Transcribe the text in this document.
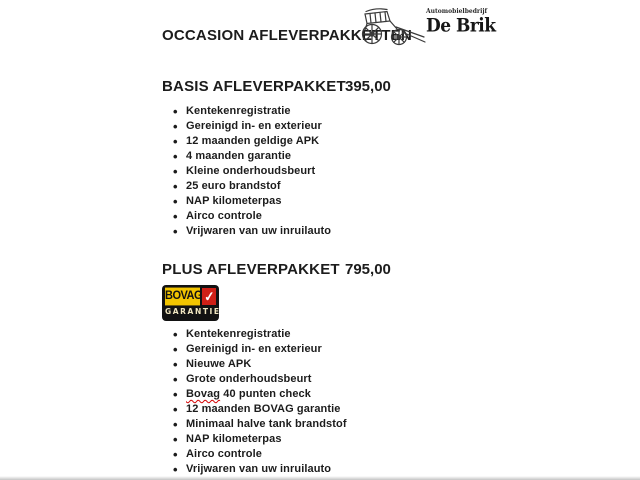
OCCASION AFLEVERPAKKETTEN
Automobielbedrijf
De Brik
BASIS AFLEVERPAKKET 395,00
• Kentekenregistratie
• Gereinigd in- en exterieur
• 12 maanden geldige APK
• 4 maanden garantie
• Kleine onderhoudsbeurt
• 25 euro brandstof
• NAP kilometerpas
• Airco controle
• Vrijwaren van uw inruilauto
PLUS AFLEVERPAKKET 795,00
BOVAG ✓
GARANTIE
• Kentekenregistratie
• Gereinigd in- en exterieur
• Nieuwe APK
• Grote onderhoudsbeurt
• Bovag 40 punten check
• 12 maanden BOVAG garantie
• Minimaal halve tank brandstof
• NAP kilometerpas
• Airco controle
• Vrijwaren van uw inruilauto
